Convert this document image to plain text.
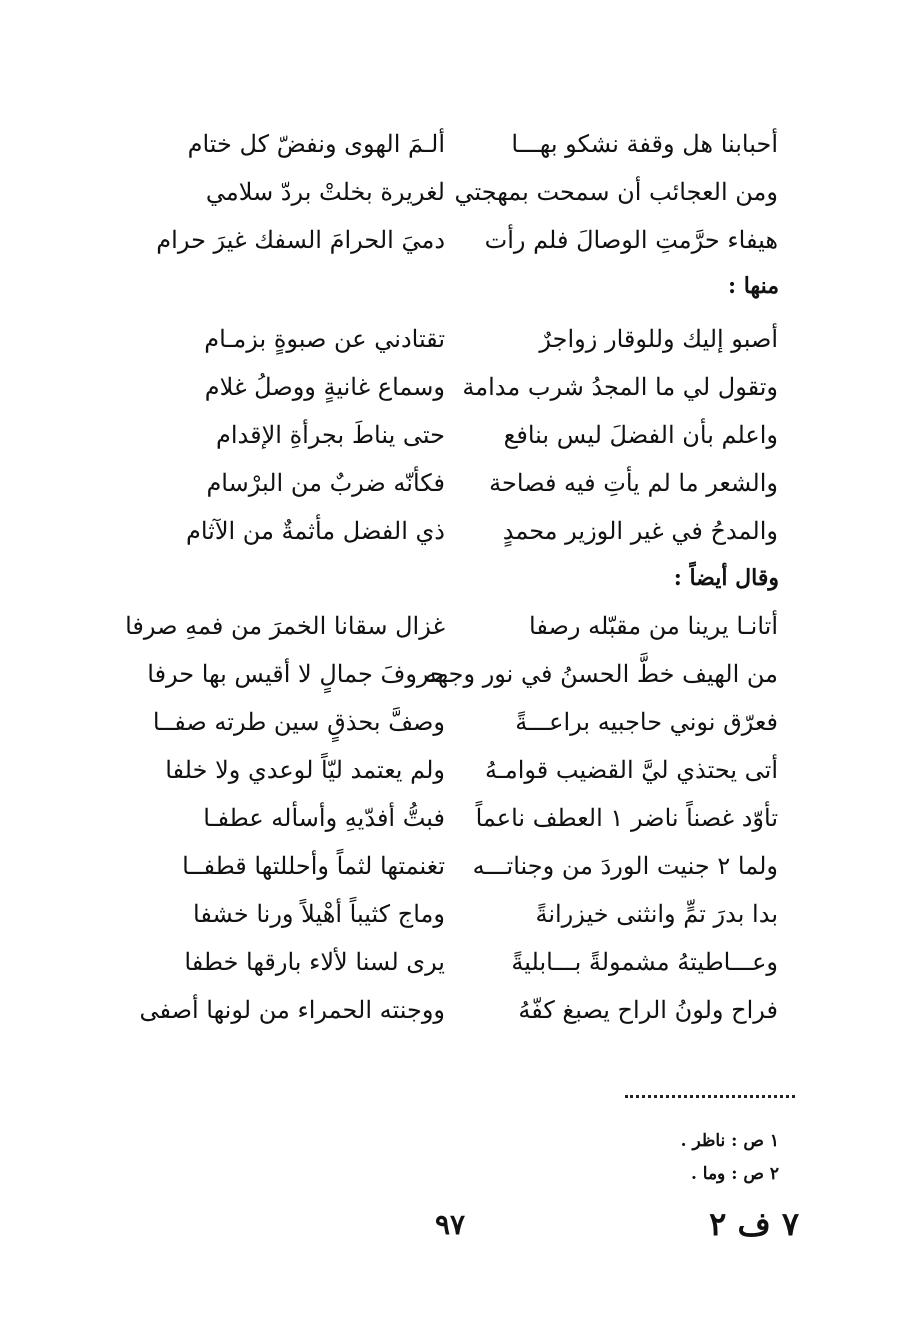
أحبابنا هل وقفة نشكو بهـــا
ألـمَ الهوى ونفضّ كل ختام
ومن العجائب أن سمحت بمهجتي
لغريرة بخلتْ بردّ سلامي
هيفاء حرَّمتِ الوصالَ فلم رأت
دميَ الحرامَ السفك غيرَ حرام
منها :
أصبو إليك وللوقار زواجرٌ
تقتادني عن صبوةٍ بزمـام
وتقول لي ما المجدُ شرب مدامة
وسماع غانيةٍ ووصلُ غلام
واعلم بأن الفضلَ ليس بنافع
حتى يناطَ بجرأةِ الإقدام
والشعر ما لم يأتِ فيه فصاحة
فكأنّه ضربٌ من البرْسام
والمدحُ في غير الوزير محمدٍ
ذي الفضل مأثمةٌ من الآثام
وقال أيضاً :
أتانـا يرينا من مقبّله رصفا
غزال سقانا الخمرَ من فمهِ صرفا
من الهيف خطَّ الحسنُ في نور وجهه
حروفَ جمالٍ لا أقيس بها حرفا
فعرّق نوني حاجبيه براعـــةً
وصفَّ بحذقٍ سين طرته صفــا
أتى يحتذي ليَّ القضيب قوامـهُ
ولم يعتمد ليّاً لوعدي ولا خلفا
تأوّد غصناً ناضر ١ العطف ناعماً
فبتُّ أفدّيهِ وأسأله عطفـا
ولما ٢ جنيت الوردَ من وجناتـــه
تغنمتها لثماً وأحللتها قطفــا
بدا بدرَ تمٍّ وانثنى خيزرانةً
وماج كثيباً أهْيلاً ورنا خشفا
وعـــاطيتهُ مشمولةً بـــابليةً
يرى لسنا لألاء بارقها خطفا
فراح ولونُ الراح يصبغ كفّهُ
ووجنته الحمراء من لونها أصفى
١ ص : ناظر .
٢ ص : وما .
٩٧	٧ ف ٢
